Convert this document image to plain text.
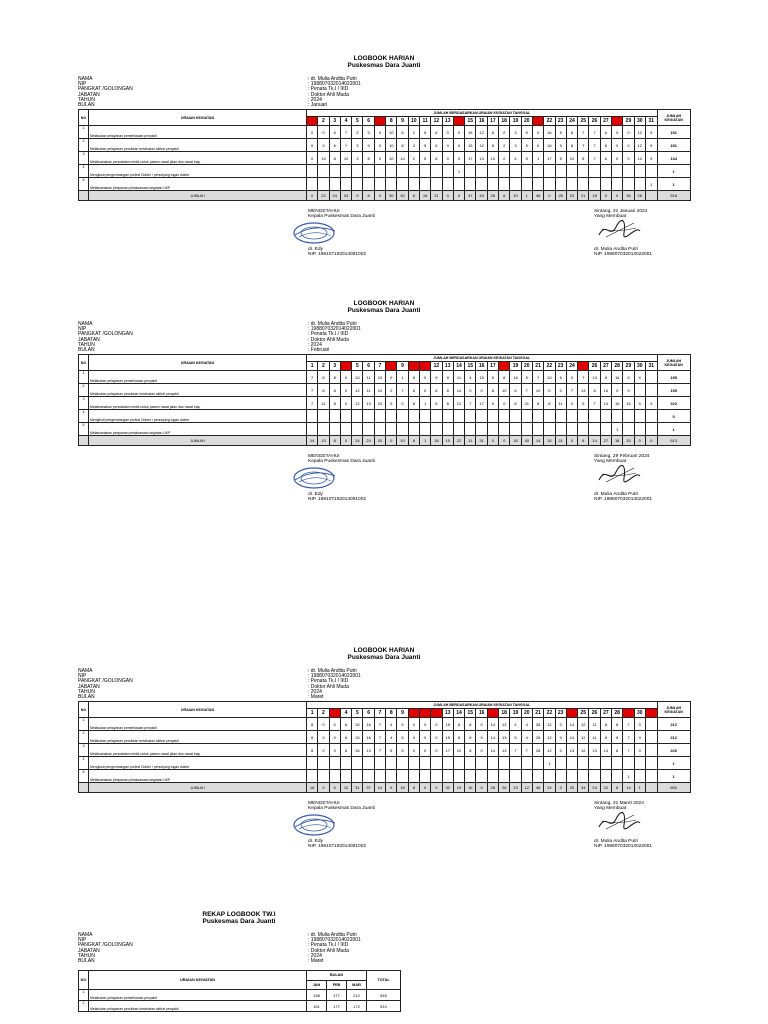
LOGBOOK HARIAN
Puskesmas Dara Juanti
NAMA	: dr. Mulia Andita Putri
NIP	: 198807032014022001
PANGKAT /GOLONGAN	: Penata Tk.I / IIID
JABATAN	: Doktor Ahli Muda
TAHUN	: 2024
BULAN	: Januari
NO	URAIAN KEGIATAN	JUMLAH BERDASARKAN URAIAN KEGIATAN TANGGAL																															JUMLAH KEGIATAN
		1	2	3	4	5	6	7	8	9	10	11	12	13	14	15	16	17	18	19	20	21	22	23	24	25	26	27	28	29	30	31	
1	Melakukan pelayanan pemeriksaan penyakit	0	0	6	7	3	5	0	10	8	2	5	6	0	0	15	12	8	2	3	5	0	16	5	8	7	7	6	0	0	12	9	151
2	Melakukan pelayanan penulisan kesehatan akibat penyakit	0	0	6	7	3	5	0	10	8	2	5	6	0	0	15	12	8	2	3	5	0	16	5	8	7	7	6	0	0	12	9	151
3	Melaksanakan pencatatan medik untuk pasien rawat jalan dan rawat inap	0	15	8	10	3	8	0	10	14	2	5	8	0	0	17	13	10	2	4	5	1	17	5	10	8	7	6	0	0	12	9	134
4	Mengikuti pengembangan profesi Dokter / penunjang tugas dokter														1																		1
5	Melaksanakan pelayanan pelaksanaan kegiatan UKP																															1	1
	JUMLAH	0	22	24	24	9	8	0	30	30	6	18	21	0	0	47	43	26	6	10	1	48	0	26	23	21	18	0	0	36	28		518
MENGETAHUI
Kepala Puskesmas Dara Juanti
Sintang, 31 Januari 2024
Yang Membuat
dr. Edy
NIP. 198107182014081002
dr. Mulia Andita Putri
NIP. 198807032014022001
LOGBOOK HARIAN
Puskesmas Dara Juanti
NAMA	: dr. Mulia Andita Putri
NIP	: 198807032014022001
PANGKAT /GOLONGAN	: Penata Tk.I / IIID
JABATAN	: Doktor Ahli Muda
TAHUN	: 2024
BULAN	: Februari
NO	URAIAN KEGIATAN	JUMLAH BERDASARKAN URAIAN KEGIATAN TANGGAL																															JUMLAH KEGIATAN
		1	2	3	4	5	6	7	8	9	10	11	12	13	14	15	16	17	18	19	20	21	22	23	24	25	26	27	28	29	30	31	
1	Melakukan pelayanan pemeriksaan penyakit	7	8	8	0	10	11	10	0	1	8	0	9	8	11	4	15	5	8	16	5	7	10	6	0	7	13	8	16	X	X		195
2	Melakukan pelayanan penulisan kesehatan akibat penyakit	7	8	8	0	12	11	10	0	7	8	0	8	8	14	0	0	8	10	6	7	10	0	0	7	13	8	16	X	X			195
3	Melaksanakan pencatatan medik untuk pasien rawat jalan dan rawat inap	7	11	8	0	12	13	10	0	0	8	1	8	8	12	7	17	0	0	8	21	8	8	11	0	0	7	14	15	16	X	X	222
4	Mengikuti pengembangan profesi Dokter / penunjang tugas dokter																																0
5	Melaksanakan pelayanan pelaksanaan kegiatan UKP																												1				1
	JUMLAH	14	13	8	0	24	24	20	0	10	8	1	18	10	22	11	31	0	0	16	40	14	15	21	0	8	14	27	18	33	0	0	613
MENGETAHUI
Kepala Puskesmas Dara Juanti
Sintang, 29 Februari 2024
Yang Membuat
dr. Edy
NIP. 198107182014081002
dr. Mulia Andita Putri
NIP. 198807032014022001
LOGBOOK HARIAN
Puskesmas Dara Juanti
NAMA	: dr. Mulia Andita Putri
NIP	: 198807032014022001
PANGKAT /GOLONGAN	: Penata Tk.I / IIID
JABATAN	: Doktor Ahli Muda
TAHUN	: 2024
BULAN	: Maret
NO	URAIAN KEGIATAN	JUMLAH BERDASARKAN URAIAN KEGIATAN TANGGAL																															JUMLAH KEGIATAN
		1	2	3	4	5	6	7	8	9	10	11	12	13	14	15	16	17	18	19	20	21	22	23	24	25	26	27	28	29	30	31	
1	Melakukan pelayanan pemeriksaan penyakit	8	0	0	8	15	16	7	4	5	0	0	0	15	8	8	0	14	13	4	4	28	12	0	14	12	11	8	8	7	0		212
2	Melakukan pelayanan penulisan kesehatan akibat penyakit	8	0	0	8	15	16	7	4	5	0	0	0	15	8	8	0	14	13	5	4	28	12	0	14	12	11	8	8	7	0		212
3	Melaksanakan pencatatan medik untuk pasien rawat jalan dan rawat inap	8	0	0	8	16	13	7	5	5	0	0	0	17	10	8	0	14	13	7	7	28	12	0	13	12	13	14	8	7	0		226
4	Mengikuti pengembangan profesi Dokter / penunjang tugas dokter																						1										1
5	Melaksanakan pelayanan pelaksanaan kegiatan UKP																													1			1
	JUMLAH	16	0	0	12	31	37	14	9	18	8	0	0	32	19	16	0	28	26	13	12	48	24	0	25	34	24	22	8	14	1		650
MENGETAHUI
Kepala Puskesmas Dara Juanti
Sintang, 31 Maret 2024
Yang Membuat
dr. Edy
NIP. 198107182014081002
dr. Mulia Andita Putri
NIP. 198807032014022001
REKAP LOGBOOK TW.I
Puskesmas Dara Juanti
NAMA	: dr. Mulia Andita Putri
NIP	: 198807032014022001
PANGKAT /GOLONGAN	: Penata Tk.I / IIID
JABATAN	: Doktor Ahli Muda
TAHUN	: 2024
BULAN	: Maret
NO	URAIAN KEGIATAN	BULAN			TOTAL
		JAN	FEB	MAR	
1	Melakukan pelayanan pemeriksaan penyakit	158	177	212	545
2	Melakukan pelayanan penulisan kesehatan akibat penyakit	161	177	172	510
